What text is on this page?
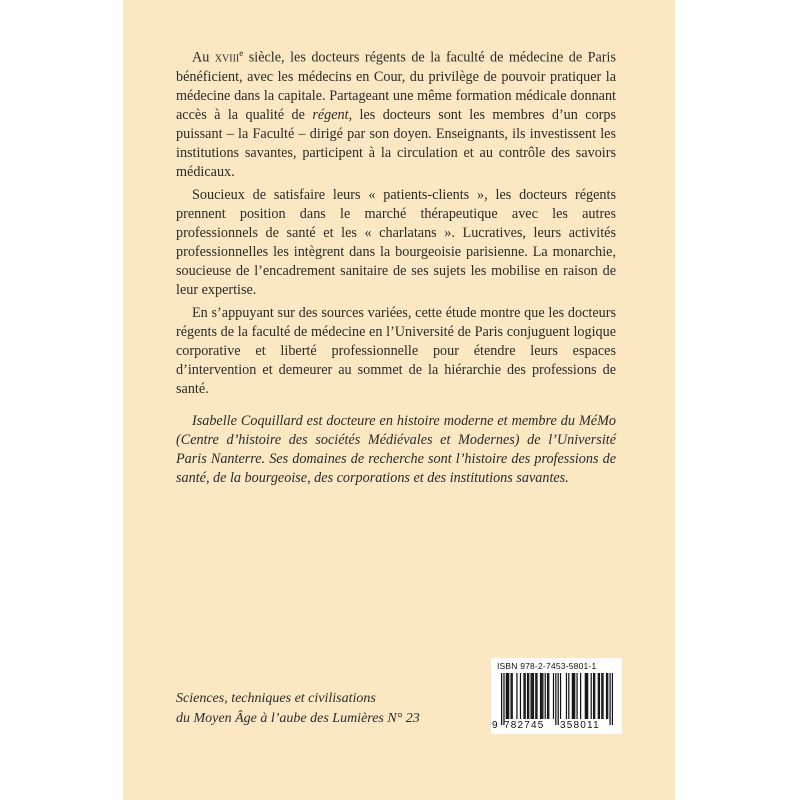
Au xviii$^e$ siècle, les docteurs régents de la faculté de médecine de Paris bénéficient, avec les médecins en Cour, du privilège de pouvoir pratiquer la médecine dans la capitale. Partageant une même formation médicale donnant accès à la qualité de régent, les docteurs sont les membres d’un corps puissant – la Faculté – dirigé par son doyen. Enseignants, ils investissent les institutions savantes, participent à la circulation et au contrôle des savoirs médicaux.

Soucieux de satisfaire leurs « patients-clients », les docteurs régents prennent position dans le marché thérapeutique avec les autres professionnels de santé et les « charlatans ». Lucratives, leurs activités professionnelles les intègrent dans la bourgeoisie parisienne. La monarchie, soucieuse de l’encadrement sanitaire de ses sujets les mobilise en raison de leur expertise.

En s’appuyant sur des sources variées, cette étude montre que les docteurs régents de la faculté de médecine en l’Université de Paris conjuguent logique corporative et liberté professionnelle pour étendre leurs espaces d’intervention et demeurer au sommet de la hiérarchie des professions de santé.

Isabelle Coquillard est docteure en histoire moderne et membre du MéMo (Centre d’histoire des sociétés Médiévales et Modernes) de l’Université Paris Nanterre. Ses domaines de recherche sont l’histoire des professions de santé, de la bourgeoise, des corporations et des institutions savantes.
Sciences, techniques et civilisations
du Moyen Âge à l’aube des Lumières N° 23
ISBN 978-2-7453-5801-1
9 782745 358011
